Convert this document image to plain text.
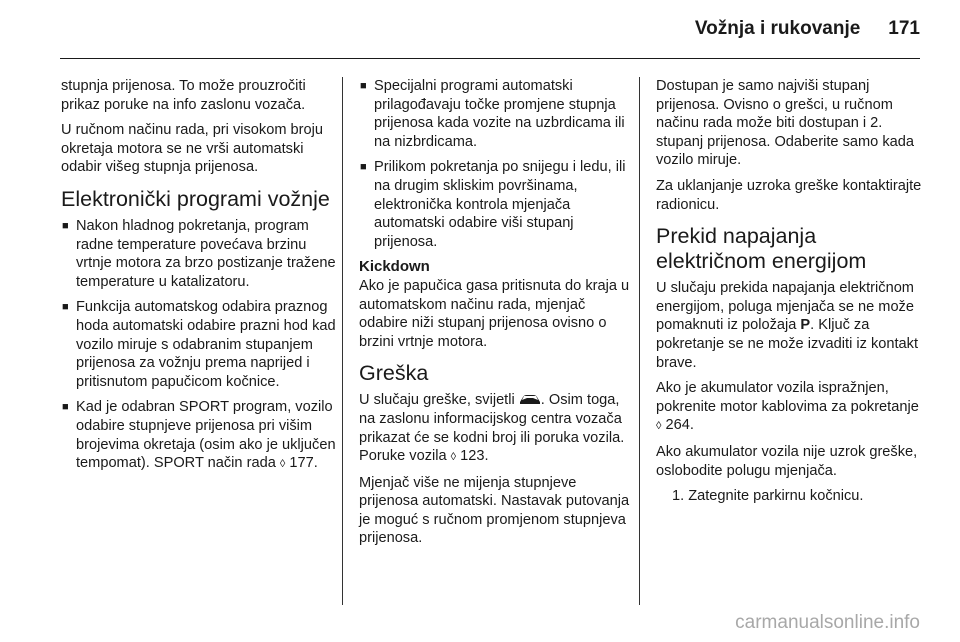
Vožnja i rukovanje 171

stupnja prijenosa. To može prouzročiti prikaz poruke na info zaslonu vozača.

U ručnom načinu rada, pri visokom broju okretaja motora se ne vrši automatski odabir višeg stupnja prijenosa.

Elektronički programi vožnje
■ Nakon hladnog pokretanja, program radne temperature povećava brzinu vrtnje motora za brzo postizanje tražene temperature u katalizatoru.
■ Funkcija automatskog odabira praznog hoda automatski odabire prazni hod kad vozilo miruje s odabranim stupanjem prijenosa za vožnju prema naprijed i pritisnutom papučicom kočnice.
■ Kad je odabran SPORT program, vozilo odabire stupnjeve prijenosa pri višim brojevima okretaja (osim ako je uključen tempomat). SPORT način rada ◊ 177.
■ Specijalni programi automatski prilagođavaju točke promjene stupnja prijenosa kada vozite na uzbrdicama ili na nizbrdicama.
■ Prilikom pokretanja po snijegu i ledu, ili na drugim skliskim površinama, elektronička kontrola mjenjača automatski odabire viši stupanj prijenosa.
Kickdown

Ako je papučica gasa pritisnuta do kraja u automatskom načinu rada, mjenjač odabire niži stupanj prijenosa ovisno o brzini vrtnje motora.

Greška

U slučaju greške, svijetli . Osim toga, na zaslonu informacijskog centra vozača prikazat će se kodni broj ili poruka vozila. Poruke vozila ◊ 123.

Mjenjač više ne mijenja stupnjeve prijenosa automatski. Nastavak putovanja je moguć s ručnom promjenom stupnjeva prijenosa.

Dostupan je samo najviši stupanj prijenosa. Ovisno o grešci, u ručnom načinu rada može biti dostupan i 2. stupanj prijenosa. Odaberite samo kada vozilo miruje.

Za uklanjanje uzroka greške kontaktirajte radionicu.

Prekid napajanja električnom energijom

U slučaju prekida napajanja električnom energijom, poluga mjenjača se ne može pomaknuti iz položaja P. Ključ za pokretanje se ne može izvaditi iz kontakt brave.

Ako je akumulator vozila ispražnjen, pokrenite motor kablovima za pokretanje ◊ 264.

Ako akumulator vozila nije uzrok greške, oslobodite polugu mjenjača.

1. Zategnite parkirnu kočnicu.

carmanualsonline.info
